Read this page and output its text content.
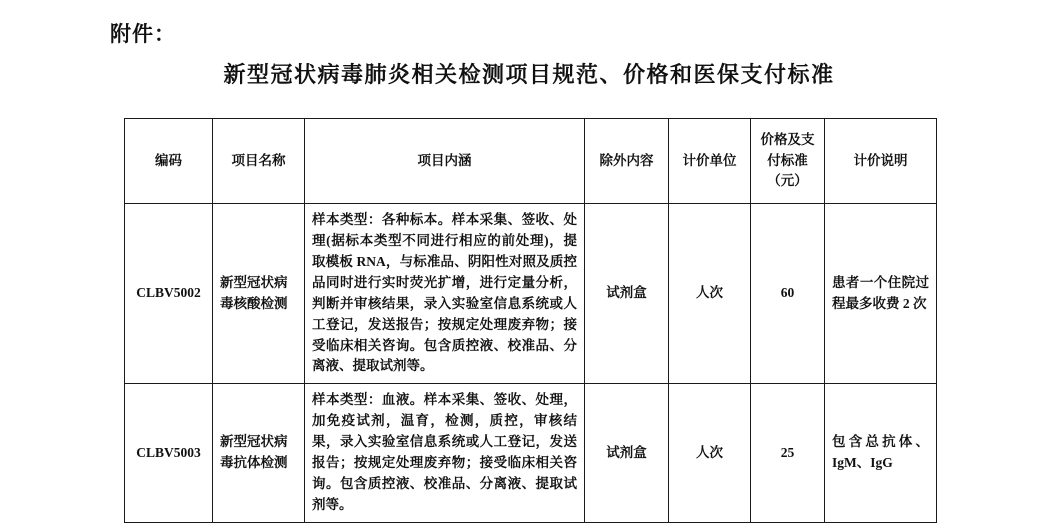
附件：
新型冠状病毒肺炎相关检测项目规范、价格和医保支付标准
编码	项目名称	项目内涵	除外内容	计价单位	价格及支付标准（元）	计价说明
CLBV5002	新型冠状病毒核酸检测	样本类型：各种标本。样本采集、签收、处理(据标本类型不同进行相应的前处理)，提取模板 RNA，与标准品、阴阳性对照及质控品同时进行实时荧光扩增，进行定量分析，判断并审核结果，录入实验室信息系统或人工登记，发送报告；按规定处理废弃物；接受临床相关咨询。包含质控液、校准品、分离液、提取试剂等。	试剂盒	人次	60	患者一个住院过程最多收费 2 次
CLBV5003	新型冠状病毒抗体检测	样本类型：血液。样本采集、签收、处理，加免疫试剂，温育，检测，质控，审核结果，录入实验室信息系统或人工登记，发送报告；按规定处理废弃物；接受临床相关咨询。包含质控液、校准品、分离液、提取试剂等。	试剂盒	人次	25	包含总抗体、IgM、IgG
